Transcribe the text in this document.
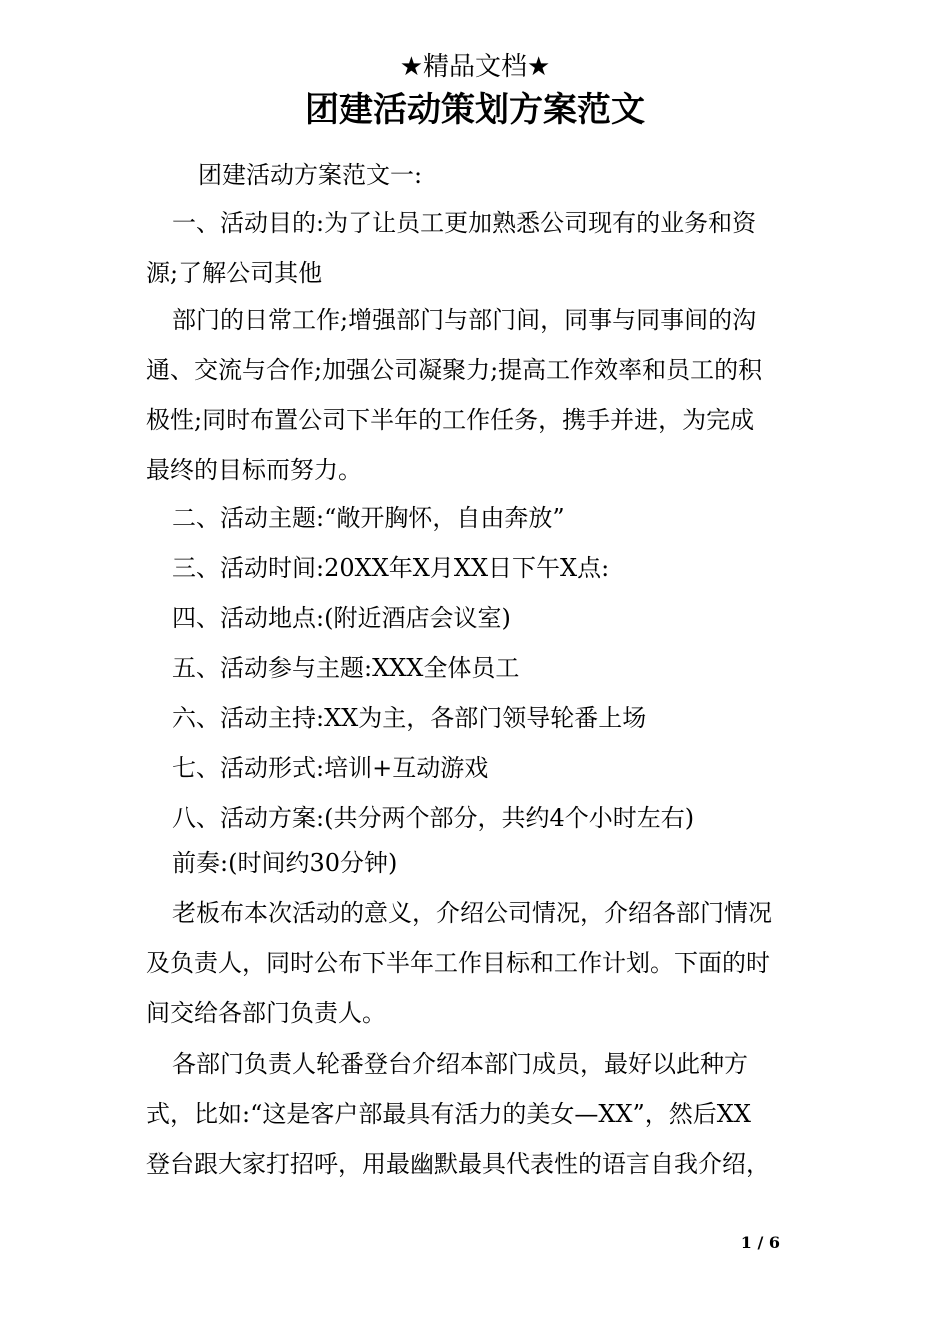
★精品文档★
团建活动策划方案范文
团建活动方案范文一:
一、活动目的:为了让员工更加熟悉公司现有的业务和资
源;了解公司其他
部门的日常工作;增强部门与部门间，同事与同事间的沟
通、交流与合作;加强公司凝聚力;提高工作效率和员工的积
极性;同时布置公司下半年的工作任务，携手并进，为完成
最终的目标而努力。
二、活动主题:“敞开胸怀，自由奔放”
三、活动时间:20XX年X月XX日下午X点:
四、活动地点:(附近酒店会议室)
五、活动参与主题:XXX全体员工
六、活动主持:XX为主，各部门领导轮番上场
七、活动形式:培训+互动游戏
八、活动方案:(共分两个部分，共约4个小时左右)
前奏:(时间约30分钟)
老板布本次活动的意义，介绍公司情况，介绍各部门情况
及负责人，同时公布下半年工作目标和工作计划。下面的时
间交给各部门负责人。
各部门负责人轮番登台介绍本部门成员，最好以此种方
式，比如:“这是客户部最具有活力的美女—XX”，然后XX
登台跟大家打招呼，用最幽默最具代表性的语言自我介绍，
1 / 6
